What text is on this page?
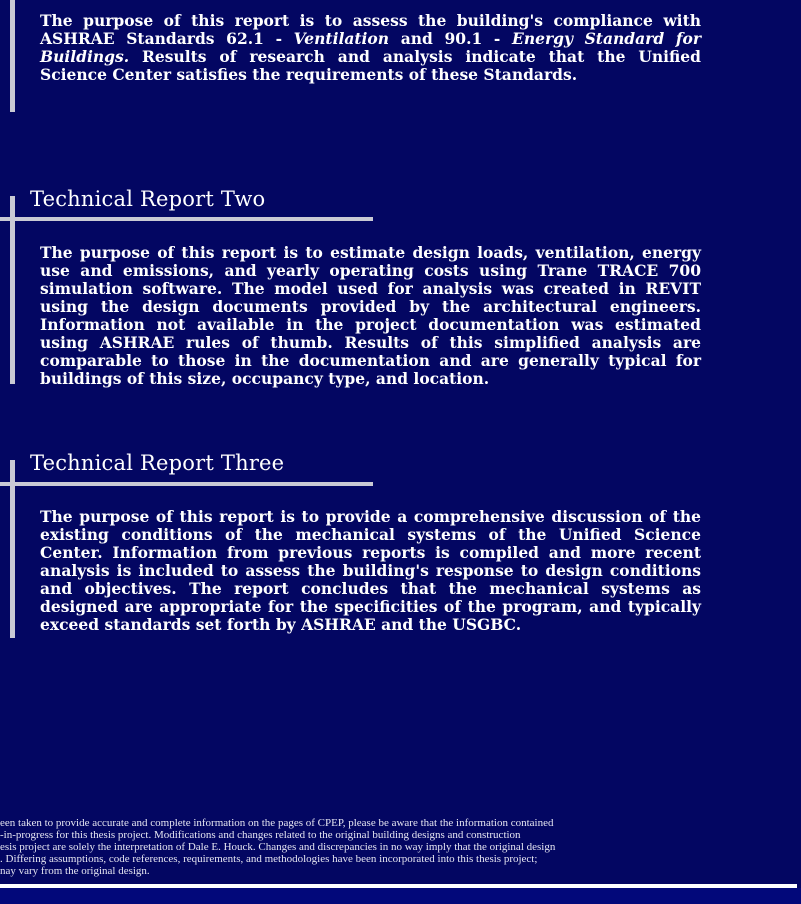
The purpose of this report is to assess the building's compliance with ASHRAE Standards 62.1 - Ventilation and 90.1 - Energy Standard for Buildings. Results of research and analysis indicate that the Unified Science Center satisfies the requirements of these Standards.
Technical Report Two
The purpose of this report is to estimate design loads, ventilation, energy use and emissions, and yearly operating costs using Trane TRACE 700 simulation software. The model used for analysis was created in REVIT using the design documents provided by the architectural engineers. Information not available in the project documentation was estimated using ASHRAE rules of thumb. Results of this simplified analysis are comparable to those in the documentation and are generally typical for buildings of this size, occupancy type, and location.
Technical Report Three
The purpose of this report is to provide a comprehensive discussion of the existing conditions of the mechanical systems of the Unified Science Center. Information from previous reports is compiled and more recent analysis is included to assess the building's response to design conditions and objectives. The report concludes that the mechanical systems as designed are appropriate for the specificities of the program, and typically exceed standards set forth by ASHRAE and the USGBC.
een taken to provide accurate and complete information on the pages of CPEP, please be aware that the information contained
-in-progress for this thesis project. Modifications and changes related to the original building designs and construction
esis project are solely the interpretation of Dale E. Houck. Changes and discrepancies in no way imply that the original design
. Differing assumptions, code references, requirements, and methodologies have been incorporated into this thesis project;
nay vary from the original design.
